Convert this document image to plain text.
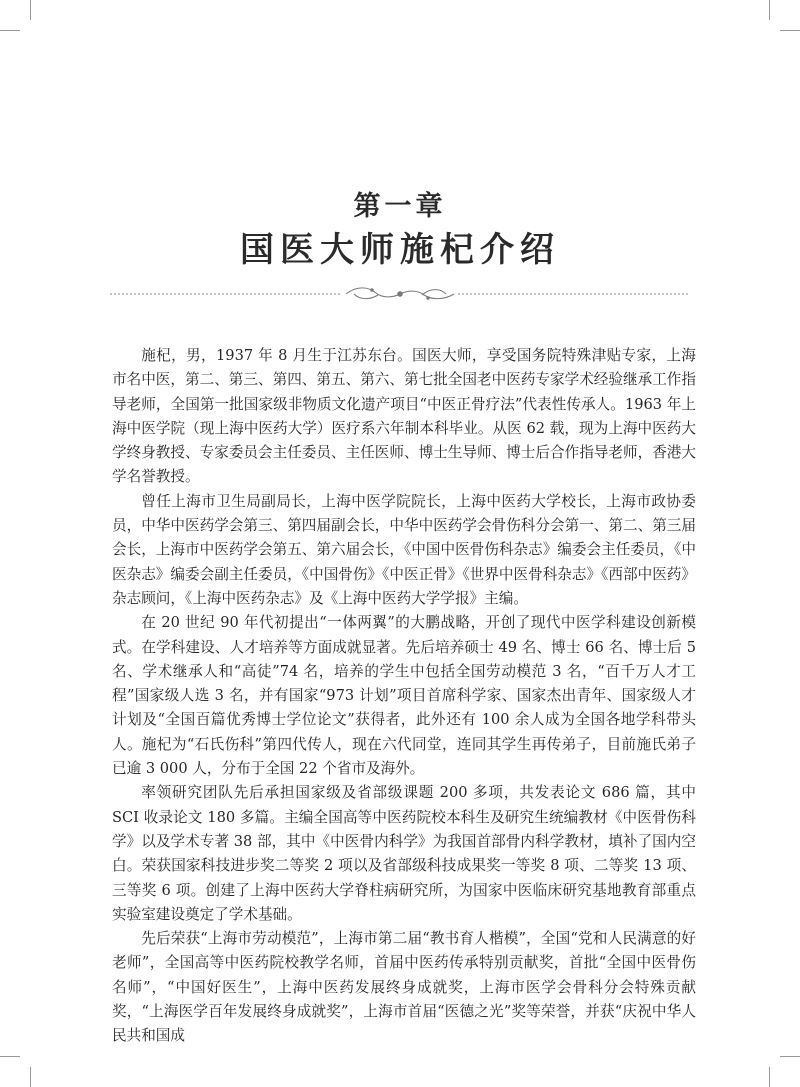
第一章
国医大师施杞介绍

施杞，男，1937 年 8 月生于江苏东台。国医大师，享受国务院特殊津贴专家，上海市名中医，第二、第三、第四、第五、第六、第七批全国老中医药专家学术经验继承工作指导老师，全国第一批国家级非物质文化遗产项目“中医正骨疗法”代表性传承人。1963 年上海中医学院（现上海中医药大学）医疗系六年制本科毕业。从医 62 载，现为上海中医药大学终身教授、专家委员会主任委员、主任医师、博士生导师、博士后合作指导老师，香港大学名誉教授。

曾任上海市卫生局副局长，上海中医学院院长，上海中医药大学校长，上海市政协委员，中华中医药学会第三、第四届副会长，中华中医药学会骨伤科分会第一、第二、第三届会长，上海市中医药学会第五、第六届会长，《中国中医骨伤科杂志》编委会主任委员，《中医杂志》编委会副主任委员，《中国骨伤》《中医正骨》《世界中医骨科杂志》《西部中医药》杂志顾问，《上海中医药杂志》及《上海中医药大学学报》主编。

在 20 世纪 90 年代初提出“一体两翼”的大鹏战略，开创了现代中医学科建设创新模式。在学科建设、人才培养等方面成就显著。先后培养硕士 49 名、博士 66 名、博士后 5 名、学术继承人和“高徒”74 名，培养的学生中包括全国劳动模范 3 名，“百千万人才工程”国家级人选 3 名，并有国家“973 计划”项目首席科学家、国家杰出青年、国家级人才计划及“全国百篇优秀博士学位论文”获得者，此外还有 100 余人成为全国各地学科带头人。施杞为“石氏伤科”第四代传人，现在六代同堂，连同其学生再传弟子，目前施氏弟子已逾 3 000 人，分布于全国 22 个省市及海外。

率领研究团队先后承担国家级及省部级课题 200 多项，共发表论文 686 篇，其中 SCI 收录论文 180 多篇。主编全国高等中医药院校本科生及研究生统编教材《中医骨伤科学》以及学术专著 38 部，其中《中医骨内科学》为我国首部骨内科学教材，填补了国内空白。荣获国家科技进步奖二等奖 2 项以及省部级科技成果奖一等奖 8 项、二等奖 13 项、三等奖 6 项。创建了上海中医药大学脊柱病研究所，为国家中医临床研究基地教育部重点实验室建设奠定了学术基础。

先后荣获“上海市劳动模范”，上海市第二届“教书育人楷模”，全国“党和人民满意的好老师”，全国高等中医药院校教学名师，首届中医药传承特别贡献奖，首批“全国中医骨伤名师”，“中国好医生”，上海中医药发展终身成就奖，上海市医学会骨科分会特殊贡献奖，“上海医学百年发展终身成就奖”，上海市首届“医德之光”奖等荣誉，并获“庆祝中华人民共和国成
